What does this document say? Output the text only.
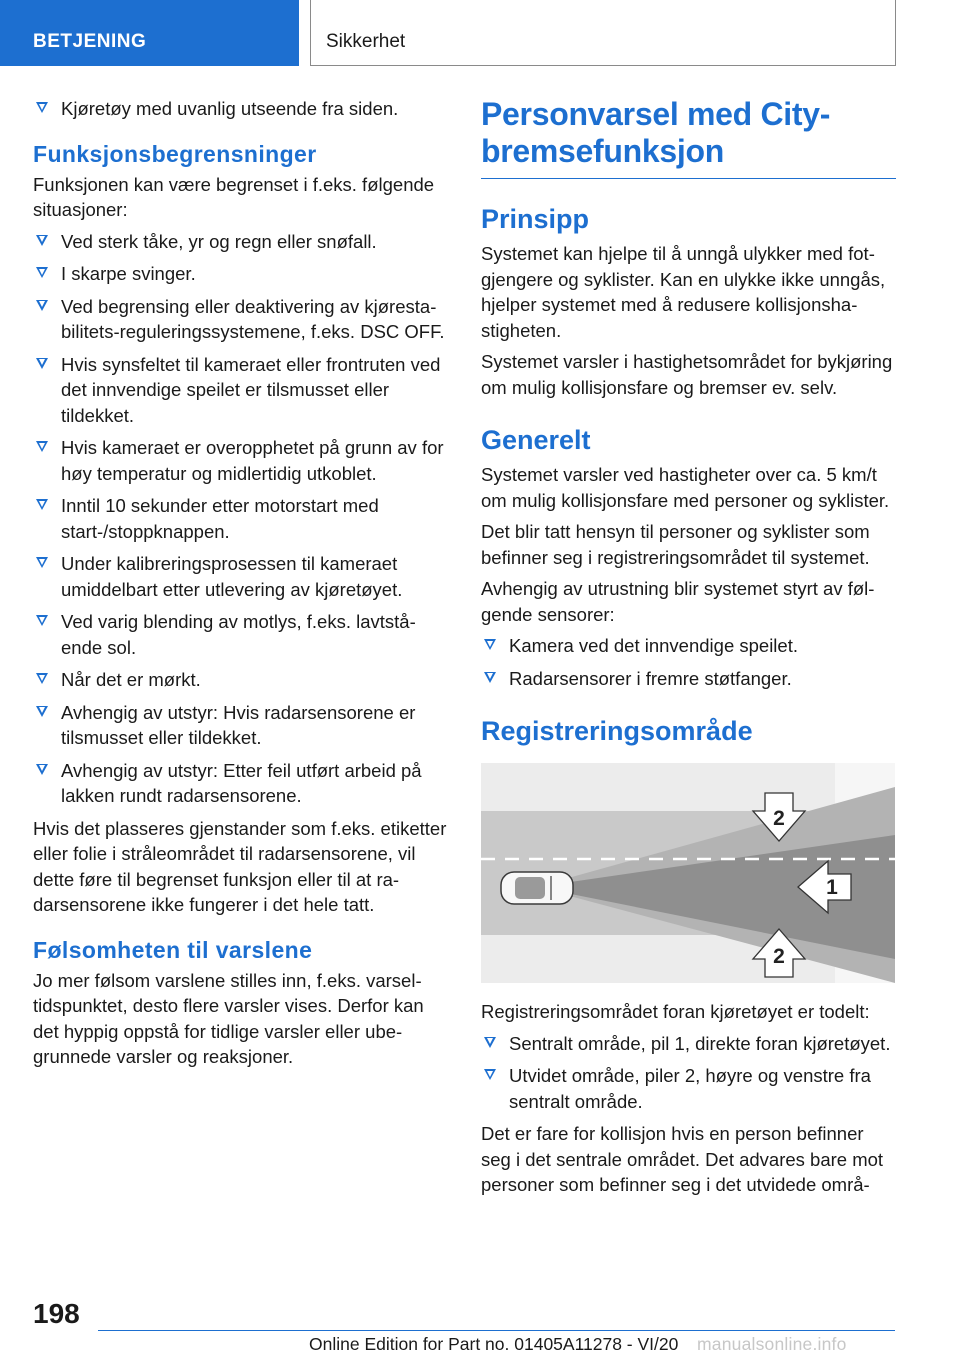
BETJENING	Sikkerhet
Kjøretøy med uvanlig utseende fra siden.
Funksjonsbegrensninger

Funksjonen kan være begrenset i f.eks. følgende situasjoner:

Ved sterk tåke, yr og regn eller snøfall.
I skarpe svinger.
Ved begrensing eller deaktivering av kjørestabilitets-reguleringssystemene, f.eks. DSC OFF.
Hvis synsfeltet til kameraet eller frontruten ved det innvendige speilet er tilsmusset eller tildekket.
Hvis kameraet er overopphetet på grunn av for høy temperatur og midlertidig utkoblet.
Inntil 10 sekunder etter motorstart med start-/stoppknappen.
Under kalibreringsprosessen til kameraet umiddelbart etter utlevering av kjøretøyet.
Ved varig blending av motlys, f.eks. lavtstående sol.
Når det er mørkt.
Avhengig av utstyr: Hvis radarsensorene er tilsmusset eller tildekket.
Avhengig av utstyr: Etter feil utført arbeid på lakken rundt radarsensorene.

Hvis det plasseres gjenstander som f.eks. etiketter eller folie i stråleområdet til radarsensorene, vil dette føre til begrenset funksjon eller til at radarsensorene ikke fungerer i det hele tatt.

Følsomheten til varslene

Jo mer følsom varslene stilles inn, f.eks. varseltidspunktet, desto flere varsler vises. Derfor kan det hyppig oppstå for tidlige varsler eller ubegrunnede varsler og reaksjoner.

Personvarsel med City-bremsefunksjon
Prinsipp

Systemet kan hjelpe til å unngå ulykker med fotgjengere og syklister. Kan en ulykke ikke unngås, hjelper systemet med å redusere kollisjonshastigheten.

Systemet varsler i hastighetsområdet for bykjøring om mulig kollisjonsfare og bremser ev. selv.

Generelt

Systemet varsler ved hastigheter over ca. 5 km/t om mulig kollisjonsfare med personer og syklister.

Det blir tatt hensyn til personer og syklister som befinner seg i registreringsområdet til systemet.

Avhengig av utrustning blir systemet styrt av følgende sensorer:

Kamera ved det innvendige speilet.
Radarsensorer i fremre støtfanger.
Registreringsområde
2
1
2

Registreringsområdet foran kjøretøyet er todelt:

Sentralt område, pil 1, direkte foran kjøretøyet.
Utvidet område, piler 2, høyre og venstre fra sentralt område.

Det er fare for kollisjon hvis en person befinner seg i det sentrale området. Det advares bare mot personer som befinner seg i det utvidede områ-

198
Online Edition for Part no. 01405A11278 - VI/20 manualsonline.info
